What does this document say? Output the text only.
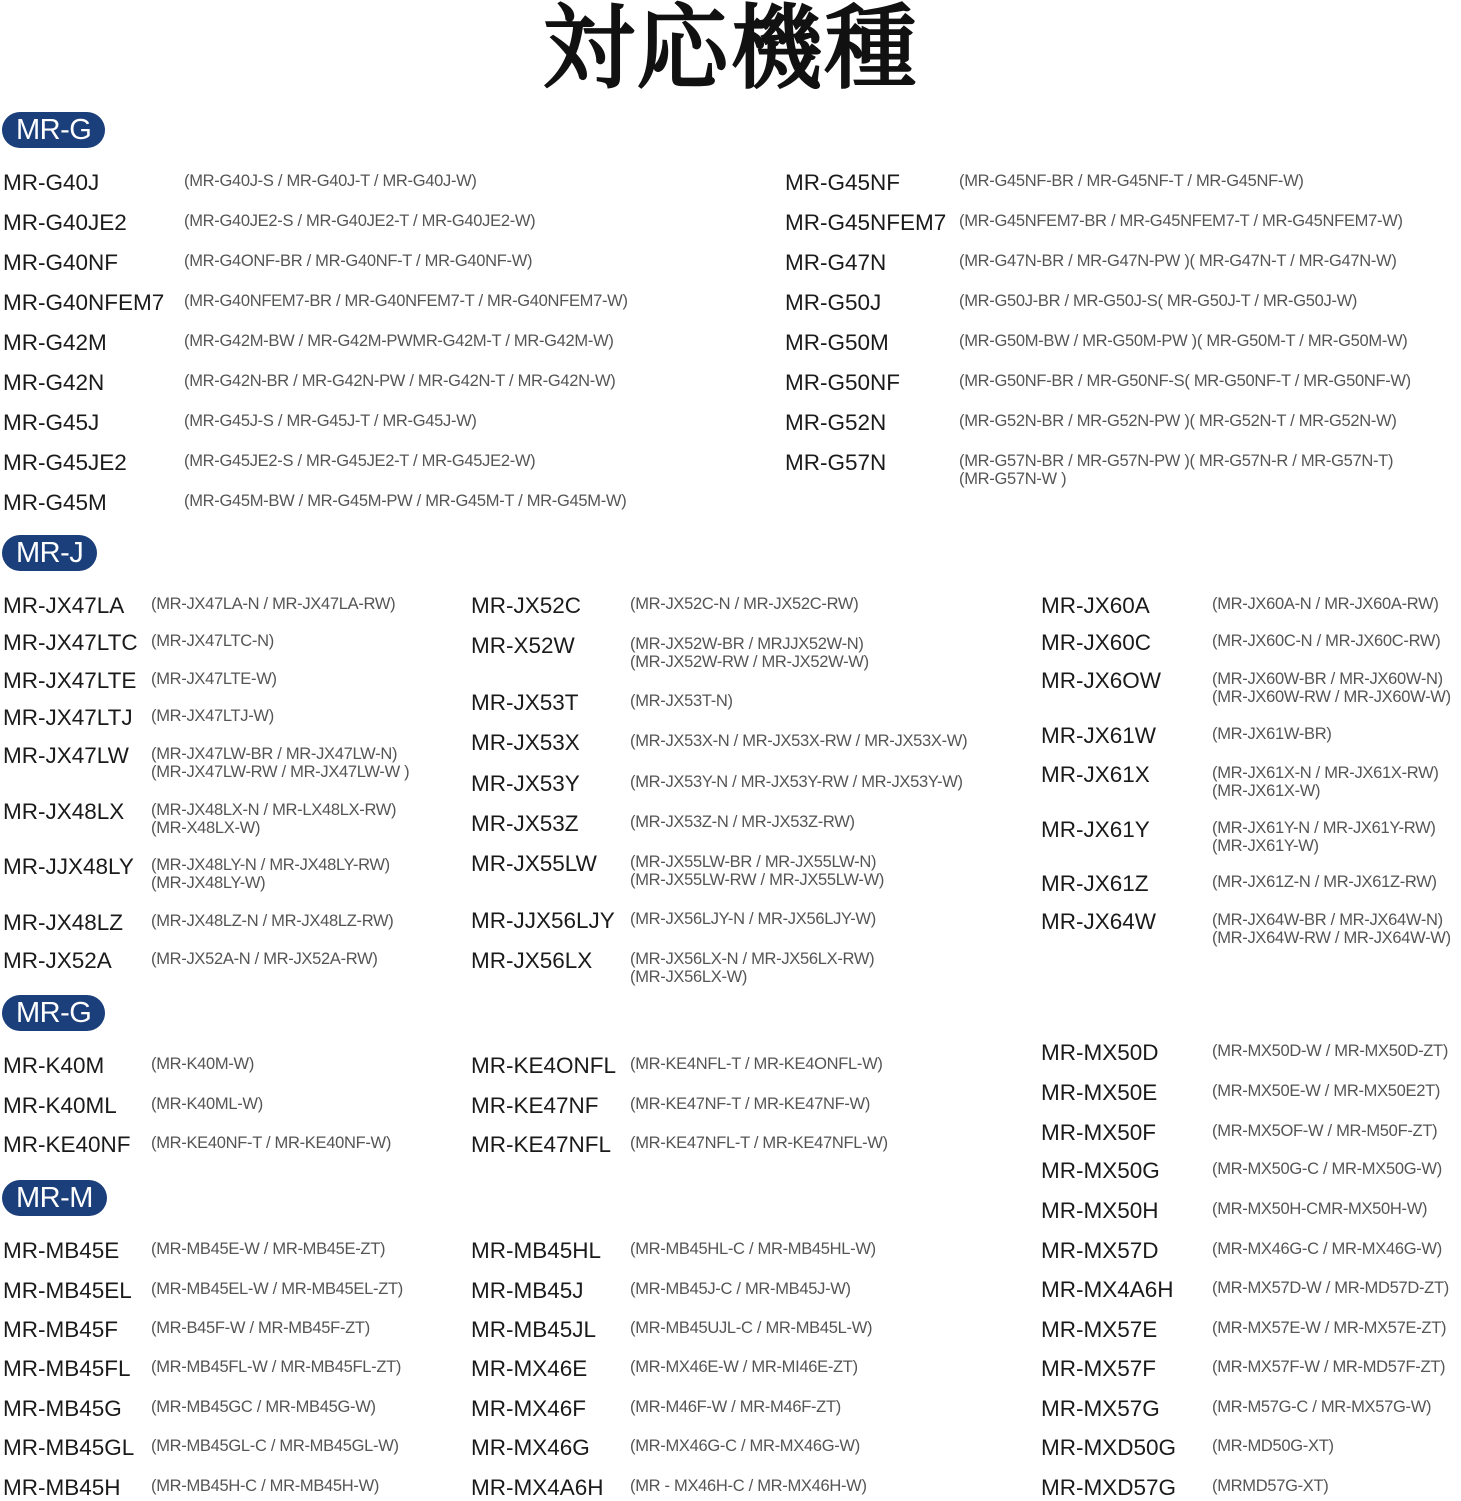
対応機種
MR-G
MR-J
MR-G
MR-M
MR-G40J	(MR-G40J-S / MR-G40J-T / MR-G40J-W)
MR-G40JE2	(MR-G40JE2-S / MR-G40JE2-T / MR-G40JE2-W)
MR-G40NF	(MR-G4ONF-BR / MR-G40NF-T / MR-G40NF-W)
MR-G40NFEM7 (MR-G40NFEM7-BR / MR-G40NFEM7-T / MR-G40NFEM7-W)
MR-G42M	(MR-G42M-BW / MR-G42M-PWMR-G42M-T / MR-G42M-W)
MR-G42N	(MR-G42N-BR / MR-G42N-PW / MR-G42N-T / MR-G42N-W)
MR-G45J	(MR-G45J-S / MR-G45J-T / MR-G45J-W)
MR-G45JE2	(MR-G45JE2-S / MR-G45JE2-T / MR-G45JE2-W)
MR-G45M	(MR-G45M-BW / MR-G45M-PW / MR-G45M-T / MR-G45M-W)
MR-G45NF	(MR-G45NF-BR / MR-G45NF-T / MR-G45NF-W)
MR-G45NFEM7 (MR-G45NFEM7-BR / MR-G45NFEM7-T / MR-G45NFEM7-W)
MR-G47N	(MR-G47N-BR / MR-G47N-PW )( MR-G47N-T / MR-G47N-W)
MR-G50J	(MR-G50J-BR / MR-G50J-S( MR-G50J-T / MR-G50J-W)
MR-G50M	(MR-G50M-BW / MR-G50M-PW )( MR-G50M-T / MR-G50M-W)
MR-G50NF	(MR-G50NF-BR / MR-G50NF-S( MR-G50NF-T / MR-G50NF-W)
MR-G52N	(MR-G52N-BR / MR-G52N-PW )( MR-G52N-T / MR-G52N-W)
MR-G57N	(MR-G57N-BR / MR-G57N-PW )( MR-G57N-R / MR-G57N-T)
(MR-G57N-W )
MR-JX47LA (MR-JX47LA-N / MR-JX47LA-RW)
MR-JX47LTC (MR-JX47LTC-N)
MR-JX47LTE (MR-JX47LTE-W)
MR-JX47LTJ (MR-JX47LTJ-W)
MR-JX47LW (MR-JX47LW-BR / MR-JX47LW-N)
(MR-JX47LW-RW / MR-JX47LW-W )
MR-JX48LX (MR-JX48LX-N / MR-LX48LX-RW)
(MR-X48LX-W)
MR-JJX48LY (MR-JX48LY-N / MR-JX48LY-RW)
(MR-JX48LY-W)
MR-JX48LZ (MR-JX48LZ-N / MR-JX48LZ-RW)
MR-JX52A (MR-JX52A-N / MR-JX52A-RW)
MR-JX52C	(MR-JX52C-N / MR-JX52C-RW)
MR-X52W	(MR-JX52W-BR / MRJJX52W-N)
(MR-JX52W-RW / MR-JX52W-W)
MR-JX53T	(MR-JX53T-N)
MR-JX53X	(MR-JX53X-N / MR-JX53X-RW / MR-JX53X-W)
MR-JX53Y	(MR-JX53Y-N / MR-JX53Y-RW / MR-JX53Y-W)
MR-JX53Z	(MR-JX53Z-N / MR-JX53Z-RW)
MR-JX55LW (MR-JX55LW-BR / MR-JX55LW-N)
(MR-JX55LW-RW / MR-JX55LW-W)
MR-JJX56LJY (MR-JX56LJY-N / MR-JX56LJY-W)
MR-JX56LX (MR-JX56LX-N / MR-JX56LX-RW)
(MR-JX56LX-W)
MR-JX60A	(MR-JX60A-N / MR-JX60A-RW)
MR-JX60C	(MR-JX60C-N / MR-JX60C-RW)
MR-JX6OW	(MR-JX60W-BR / MR-JX60W-N)
(MR-JX60W-RW / MR-JX60W-W)
MR-JX61W	(MR-JX61W-BR)
MR-JX61X	(MR-JX61X-N / MR-JX61X-RW)
(MR-JX61X-W)
MR-JX61Y	(MR-JX61Y-N / MR-JX61Y-RW)
(MR-JX61Y-W)
MR-JX61Z	(MR-JX61Z-N / MR-JX61Z-RW)
MR-JX64W	(MR-JX64W-BR / MR-JX64W-N)
(MR-JX64W-RW / MR-JX64W-W)
MR-K40M	(MR-K40M-W)
MR-K40ML (MR-K40ML-W)
MR-KE40NF (MR-KE40NF-T / MR-KE40NF-W)
MR-KE4ONFL (MR-KE4NFL-T / MR-KE4ONFL-W)
MR-KE47NF (MR-KE47NF-T / MR-KE47NF-W)
MR-KE47NFL (MR-KE47NFL-T / MR-KE47NFL-W)
MR-MX50D	(MR-MX50D-W / MR-MX50D-ZT)
MR-MX50E	(MR-MX50E-W / MR-MX50E2T)
MR-MX50F	(MR-MX5OF-W / MR-M50F-ZT)
MR-MX50G	(MR-MX50G-C / MR-MX50G-W)
MR-MX50H	(MR-MX50H-CMR-MX50H-W)
MR-MX57D	(MR-MX46G-C / MR-MX46G-W)
MR-MX4A6H (MR-MX57D-W / MR-MD57D-ZT)
MR-MX57E	(MR-MX57E-W / MR-MX57E-ZT)
MR-MX57F	(MR-MX57F-W / MR-MD57F-ZT)
MR-MX57G	(MR-M57G-C / MR-MX57G-W)
MR-MXD50G (MR-MD50G-XT)
MR-MXD57G (MRMD57G-XT)
MR-MB45E (MR-MB45E-W / MR-MB45E-ZT)
MR-MB45EL (MR-MB45EL-W / MR-MB45EL-ZT)
MR-MB45F (MR-B45F-W / MR-MB45F-ZT)
MR-MB45FL (MR-MB45FL-W / MR-MB45FL-ZT)
MR-MB45G (MR-MB45GC / MR-MB45G-W)
MR-MB45GL (MR-MB45GL-C / MR-MB45GL-W)
MR-MB45H (MR-MB45H-C / MR-MB45H-W)
MR-MB45HL (MR-MB45HL-C / MR-MB45HL-W)
MR-MB45J	(MR-MB45J-C / MR-MB45J-W)
MR-MB45JL (MR-MB45UJL-C / MR-MB45L-W)
MR-MX46E	(MR-MX46E-W / MR-MI46E-ZT)
MR-MX46F	(MR-M46F-W / MR-M46F-ZT)
MR-MX46G (MR-MX46G-C / MR-MX46G-W)
MR-MX4A6H (MR - MX46H-C / MR-MX46H-W)
